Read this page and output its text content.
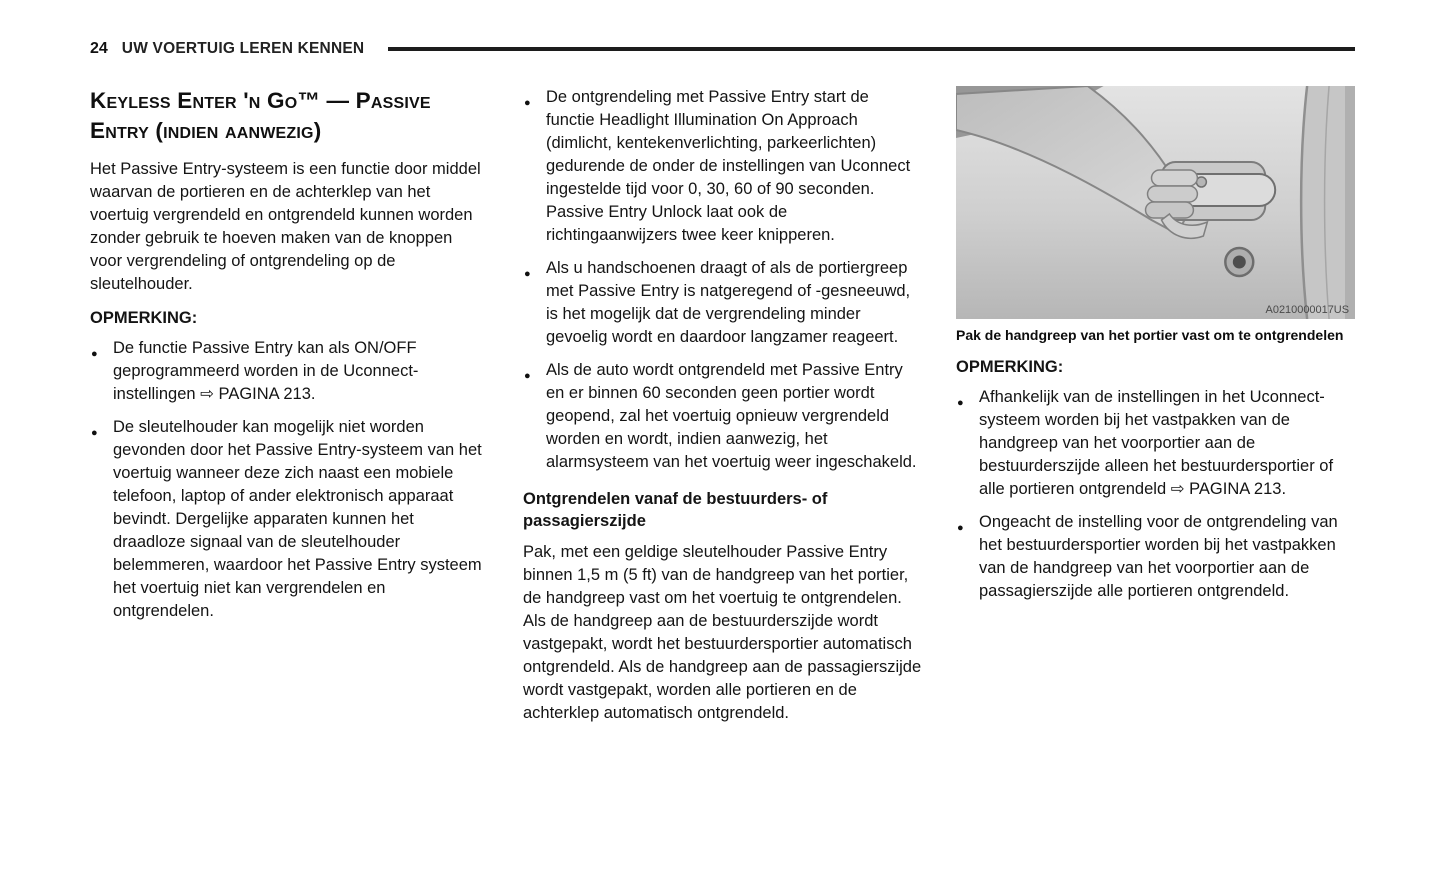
24 UW VOERTUIG LEREN KENNEN
Keyless Enter 'n Go™ — Passive Entry (indien aanwezig)

Het Passive Entry-systeem is een functie door middel waarvan de portieren en de achterklep van het voertuig vergrendeld en ontgrendeld kunnen worden zonder gebruik te hoeven maken van de knoppen voor vergrendeling of ontgrendeling op de sleutelhouder.

OPMERKING:
● De functie Passive Entry kan als ON/OFF geprogrammeerd worden in de Uconnect-instellingen ⇨ PAGINA 213.
● De sleutelhouder kan mogelijk niet worden gevonden door het Passive Entry-systeem van het voertuig wanneer deze zich naast een mobiele telefoon, laptop of ander elektronisch apparaat bevindt. Dergelijke apparaten kunnen het draadloze signaal van de sleutelhouder belemmeren, waardoor het Passive Entry systeem het voertuig niet kan vergrendelen en ontgrendelen.
● De ontgrendeling met Passive Entry start de functie Headlight Illumination On Approach (dimlicht, kentekenverlichting, parkeerlichten) gedurende de onder de instellingen van Uconnect ingestelde tijd voor 0, 30, 60 of 90 seconden. Passive Entry Unlock laat ook de richtingaanwijzers twee keer knipperen.
● Als u handschoenen draagt of als de portiergreep met Passive Entry is natgeregend of -gesneeuwd, is het mogelijk dat de vergrendeling minder gevoelig wordt en daardoor langzamer reageert.
● Als de auto wordt ontgrendeld met Passive Entry en er binnen 60 seconden geen portier wordt geopend, zal het voertuig opnieuw vergrendeld worden en wordt, indien aanwezig, het alarmsysteem van het voertuig weer ingeschakeld.
Ontgrendelen vanaf de bestuurders- of passagierszijde

Pak, met een geldige sleutelhouder Passive Entry binnen 1,5 m (5 ft) van de handgreep van het portier, de handgreep vast om het voertuig te ontgrendelen. Als de handgreep aan de bestuurderszijde wordt vastgepakt, wordt het bestuurdersportier automatisch ontgrendeld. Als de handgreep aan de passagierszijde wordt vastgepakt, worden alle portieren en de achterklep automatisch ontgrendeld.

A0210000017US
Pak de handgreep van het portier vast om te ontgrendelen
OPMERKING:
● Afhankelijk van de instellingen in het Uconnect-systeem worden bij het vastpakken van de handgreep van het voorportier aan de bestuurderszijde alleen het bestuurdersportier of alle portieren ontgrendeld ⇨ PAGINA 213.
● Ongeacht de instelling voor de ontgrendeling van het bestuurdersportier worden bij het vastpakken van de handgreep van het voorportier aan de passagierszijde alle portieren ontgrendeld.
